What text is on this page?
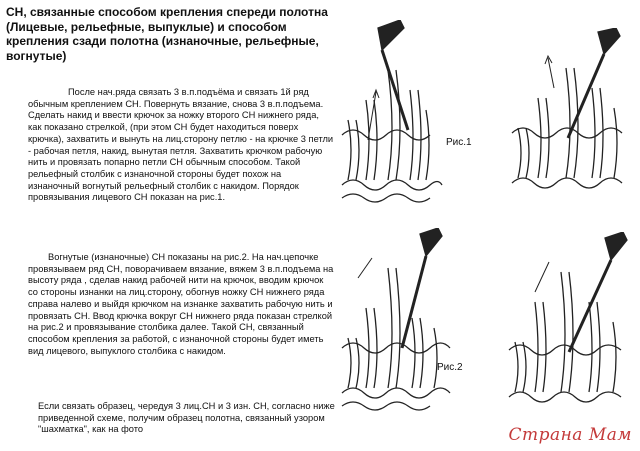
СН, связанные способом крепления спереди полотна (Лицевые, рельефные, выпуклые) и способом крепления сзади полотна (изнаночные, рельефные, вогнутые)
После нач.ряда связать 3 в.п.подъёма и связать 1й ряд обычным креплением СН. Повернуть вязание, снова 3 в.п.подъема. Сделать накид и ввести крючок за ножку второго СН нижнего ряда, как показано стрелкой, (при этом СН будет находиться поверх крючка), захватить и вынуть на лиц.сторону петлю - на крючке 3 петли - рабочая петля, накид, вынутая петля. Захватить крючком рабочую нить и провязать попарно петли СН обычным способом. Такой рельефный столбик с изнаночной стороны будет похож на изнаночный вогнутый рельефный столбик с накидом. Порядок провязывания лицевого СН показан на рис.1.
Вогнутые (изнаночные) СН показаны на рис.2. На нач.цепочке провязываем ряд СН, поворачиваем вязание, вяжем 3 в.п.подъема на высоту ряда , сделав накид рабочей нити на крючок, вводим крючок со стороны изнанки на лиц.сторону, обогнув ножку СН нижнего ряда справа налево и выйдя крючком на изнанке захватить рабочую нить и провязать СН. Ввод крючка вокруг СН нижнего ряда показан стрелкой на рис.2 и провязывание столбика далее. Такой СН, связанный способом крепления за работой, с изнаночной стороны будет иметь вид лицевого, выпуклого столбика с накидом.
Если связать образец, чередуя 3 лиц.СН и 3 изн. СН, согласно ниже приведенной схеме, получим образец полотна, связанный узором "шахматка", как на фото
Рис.1
Рис.2
Страна Мам
